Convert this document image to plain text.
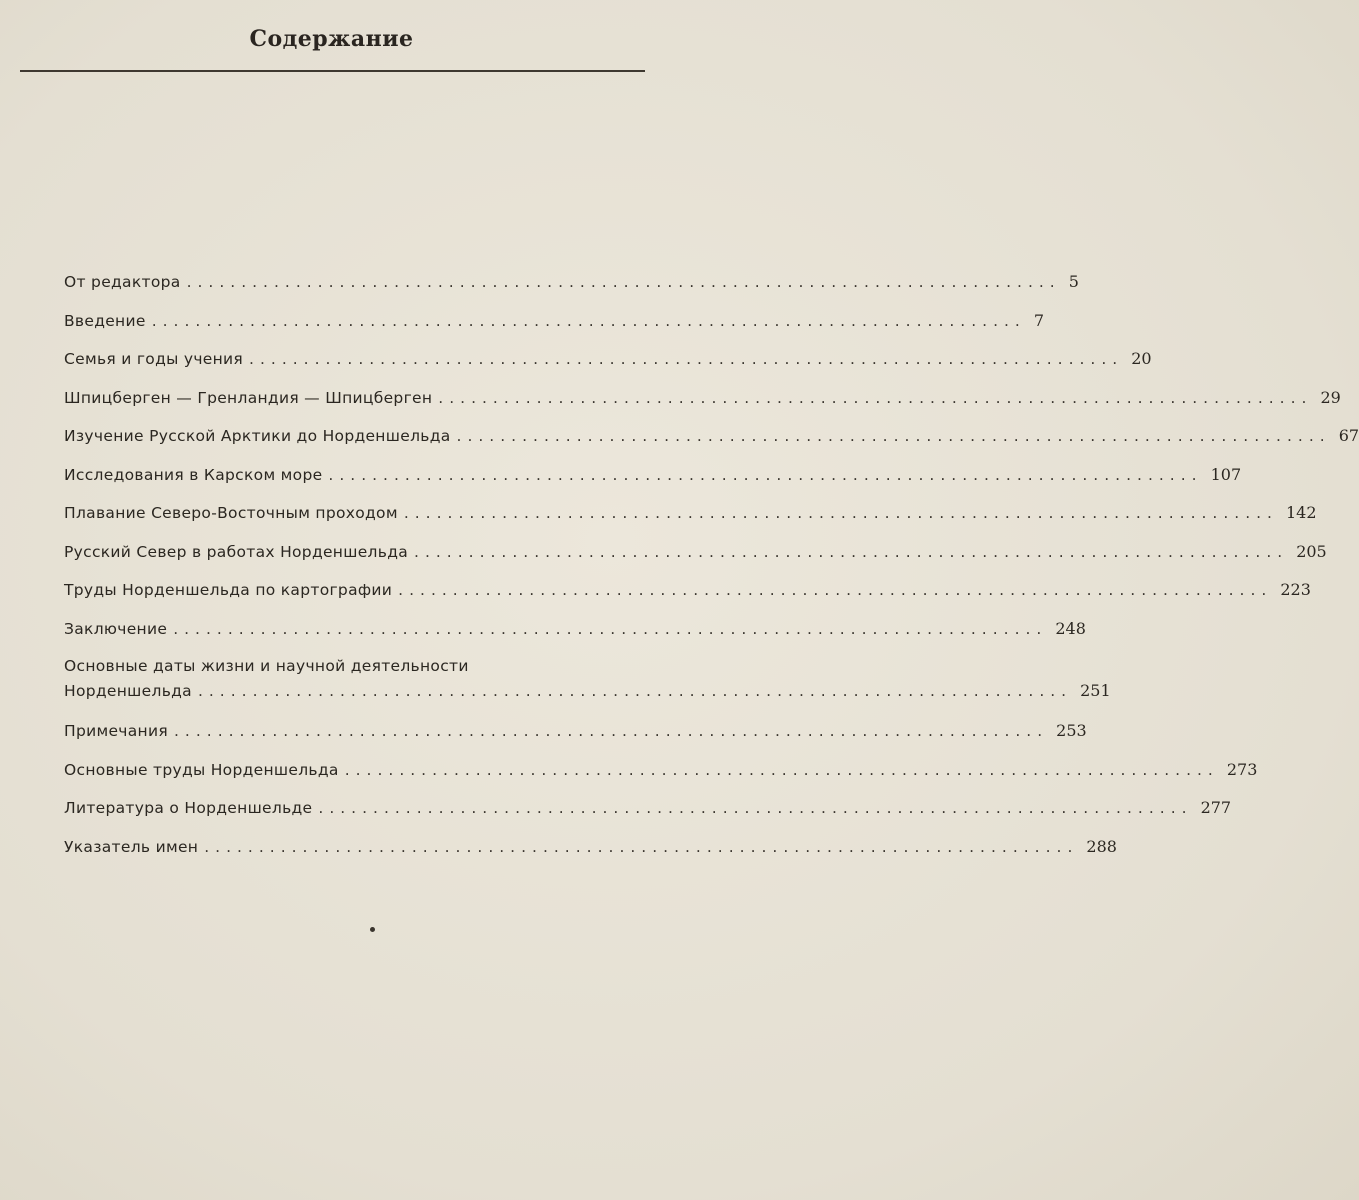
Содержание
От редактора ................................................................................ 5
Введение ................................................................................ 7
Семья и годы учения ................................................................................ 20
Шпицберген — Гренландия — Шпицберген ................................................................................ 29
Изучение Русской Арктики до Норденшельда ................................................................................ 67
Исследования в Карском море ................................................................................ 107
Плавание Северо-Восточным проходом ................................................................................ 142
Русский Север в работах Норденшельда ................................................................................ 205
Труды Норденшельда по картографии ................................................................................ 223
Заключение ................................................................................ 248
Основные даты жизни и научной деятельности
Норденшельда ................................................................................ 251
Примечания ................................................................................ 253
Основные труды Норденшельда ................................................................................ 273
Литература о Норденшельде ................................................................................ 277
Указатель имен ................................................................................ 288
